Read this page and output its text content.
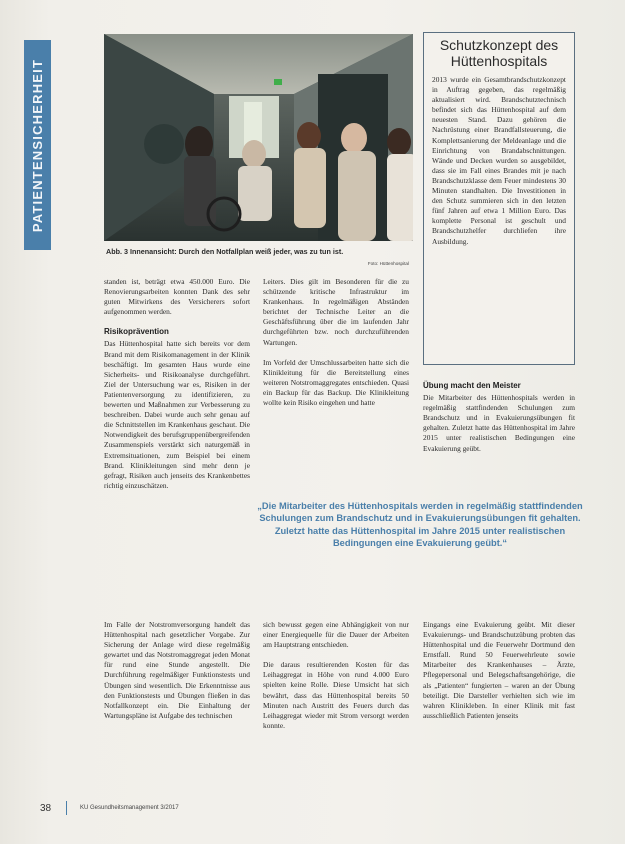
PATIENTENSICHERHEIT
Abb. 3 Innenansicht: Durch den Notfallplan weiß jeder, was zu tun ist.
Foto: Hüttenhospital
Schutzkonzept des Hüttenhospitals
2013 wurde ein Gesamtbrandschutzkonzept in Auftrag gegeben, das regelmäßig aktualisiert wird. Brandschutztechnisch befindet sich das Hüttenhospital auf dem neuesten Stand. Dazu gehören die Nachrüstung einer Brandfallsteuerung, die Komplettsanierung der Meldeanlage und die Einrichtung von Brandabschnittungen. Wände und Decken wurden so ausgebildet, dass sie im Fall eines Brandes mit je nach Brandschutzklasse dem Feuer mindestens 30 Minuten standhalten. Die Investitionen in den Schutz summieren sich in den letzten fünf Jahren auf etwa 1 Million Euro. Das komplette Personal ist geschult und Brandschutzhelfer durchliefen ihre Ausbildung.

standen ist, beträgt etwa 450.000 Euro. Die Renovierungsarbeiten konnten Dank des sehr guten Mitwirkens des Versicherers sofort aufgenommen werden.

Risikoprävention

Das Hüttenhospital hatte sich bereits vor dem Brand mit dem Risikomanagement in der Klinik beschäftigt. Im gesamten Haus wurde eine Sicherheits- und Risikoanalyse durchgeführt. Ziel der Untersuchung war es, Risiken in der Patientenversorgung zu identifizieren, zu bewerten und Maßnahmen zur Verbesserung zu beschreiben. Dabei wurde auch sehr genau auf die Schnittstellen im Krankenhaus geschaut. Die Notwendigkeit des berufsgruppenübergreifenden Zusammenspiels verstärkt sich naturgemäß in Extremsituationen, zum Beispiel bei einem Brand. Klinikleitungen sind mehr denn je gefragt, Risiken auch jenseits des Krankenbettes richtig einzuschätzen.

Leiters. Dies gilt im Besonderen für die zu schützende kritische Infrastruktur im Krankenhaus. In regelmäßigen Abständen berichtet der Technische Leiter an die Geschäftsführung über die im laufenden Jahr durchgeführten bzw. noch durchzuführenden Wartungen.

Im Vorfeld der Umschlussarbeiten hatte sich die Klinikleitung für die Bereitstellung eines weiteren Notstromaggregates entschieden. Quasi ein Backup für das Backup. Die Klinikleitung wollte kein Risiko eingehen und hatte

Übung macht den Meister

Die Mitarbeiter des Hüttenhospitals werden in regelmäßig stattfindenden Schulungen zum Brandschutz und in Evakuierungsübungen fit gehalten. Zuletzt hatte das Hüttenhospital im Jahre 2015 unter realistischen Bedingungen eine Evakuierung geübt.

„Die Mitarbeiter des Hüttenhospitals werden in regelmäßig stattfindenden Schulungen zum Brandschutz und in Evakuierungsübungen fit gehalten. Zuletzt hatte das Hüttenhospital im Jahre 2015 unter realistischen Bedingungen eine Evakuierung geübt.“

Im Falle der Notstromversorgung handelt das Hüttenhospital nach gesetzlicher Vorgabe. Zur Sicherung der Anlage wird diese regelmäßig gewartet und das Notstromaggregat jeden Monat für rund eine Stunde angestellt. Die Durchführung regelmäßiger Funktionstests und Übungen sind wesentlich. Die Erkenntnisse aus den Funktionstests und Übungen fließen in das Notfallkonzept ein. Die Einhaltung der Wartungspläne ist Aufgabe des technischen

sich bewusst gegen eine Abhängigkeit von nur einer Energiequelle für die Dauer der Arbeiten am Hauptstrang entschieden.

Die daraus resultierenden Kosten für das Leihaggregat in Höhe von rund 4.000 Euro spielten keine Rolle. Diese Umsicht hat sich bewährt, dass das Hüttenhospital bereits 50 Minuten nach Austritt des Feuers durch das Leihaggregat wieder mit Strom versorgt werden konnte.

Eingangs eine Evakuierung geübt. Mit dieser Evakuierungs- und Brandschutzübung probten das Hüttenhospital und die Feuerwehr Dortmund den Ernstfall. Rund 50 Feuerwehrleute sowie Mitarbeiter des Krankenhauses – Ärzte, Pflegepersonal und Belegschaftsangehörige, die als „Patienten“ fungierten – waren an der Übung beteiligt. Die Darsteller verhielten sich wie im wahren Klinikleben. In einer Klinik mit fast ausschließlich Patienten jenseits

38	KU Gesundheitsmanagement 3/2017
